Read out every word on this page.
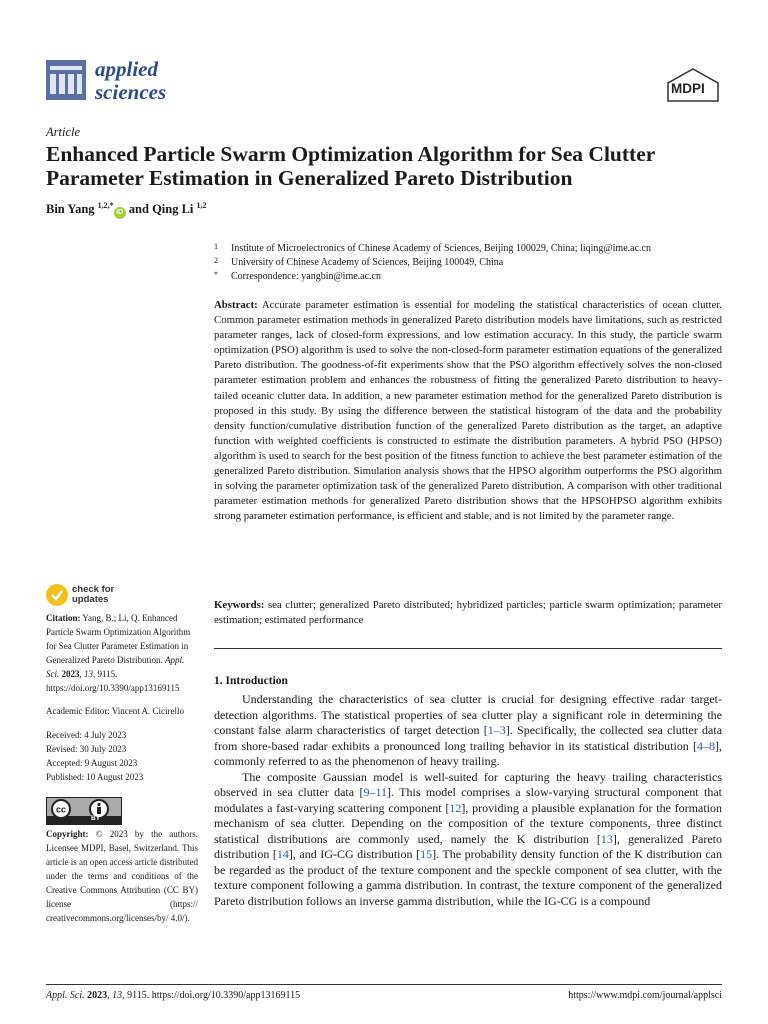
applied
sciences	MDPI
Article
Enhanced Particle Swarm Optimization Algorithm for Sea Clutter Parameter Estimation in Generalized Pareto Distribution
Bin Yang $^{1,2,*}$iD and Qing Li $^{1,2}$
1 Institute of Microelectronics of Chinese Academy of Sciences, Beijing 100029, China; liqing@ime.ac.cn
2 University of Chinese Academy of Sciences, Beijing 100049, China
* Correspondence: yangbin@ime.ac.cn
Abstract: Accurate parameter estimation is essential for modeling the statistical characteristics of ocean clutter. Common parameter estimation methods in generalized Pareto distribution models have limitations, such as restricted parameter ranges, lack of closed-form expressions, and low estimation accuracy. In this study, the particle swarm optimization (PSO) algorithm is used to solve the non-closed-form parameter estimation equations of the generalized Pareto distribution. The goodness-of-fit experiments show that the PSO algorithm effectively solves the non-closed parameter estimation problem and enhances the robustness of fitting the generalized Pareto distribution to heavy-tailed oceanic clutter data. In addition, a new parameter estimation method for the generalized Pareto distribution is proposed in this study. By using the difference between the statistical histogram of the data and the probability density function/cumulative distribution function of the generalized Pareto distribution as the target, an adaptive function with weighted coefficients is constructed to estimate the distribution parameters. A hybrid PSO (HPSO) algorithm is used to search for the best position of the fitness function to achieve the best parameter estimation of the generalized Pareto distribution. Simulation analysis shows that the HPSO algorithm outperforms the PSO algorithm in solving the parameter optimization task of the generalized Pareto distribution. A comparison with other traditional parameter estimation methods for generalized Pareto distribution shows that the HPSOHPSO algorithm exhibits strong parameter estimation performance, is efficient and stable, and is not limited by the parameter range.
Keywords: sea clutter; generalized Pareto distributed; hybridized particles; particle swarm optimization; parameter estimation; estimated performance
1. Introduction

Understanding the characteristics of sea clutter is crucial for designing effective radar target-detection algorithms. The statistical properties of sea clutter play a significant role in determining the constant false alarm characteristics of target detection [1–3]. Specifically, the collected sea clutter data from shore-based radar exhibits a pronounced long trailing behavior in its statistical distribution [4–8], commonly referred to as the phenomenon of heavy trailing.

The composite Gaussian model is well-suited for capturing the heavy trailing characteristics observed in sea clutter data [9–11]. This model comprises a slow-varying structural component that modulates a fast-varying scattering component [12], providing a plausible explanation for the formation mechanism of sea clutter. Depending on the composition of the texture components, three distinct statistical distributions are commonly used, namely the K distribution [13], generalized Pareto distribution [14], and IG-CG distribution [15]. The probability density function of the K distribution can be regarded as the product of the texture component and the speckle component of sea clutter, with the texture component following a gamma distribution. In contrast, the texture component of the generalized Pareto distribution follows an inverse gamma distribution, while the IG-CG is a compound

check for
updates
Citation: Yang, B.; Li, Q. Enhanced Particle Swarm Optimization Algorithm for Sea Clutter Parameter Estimation in Generalized Pareto Distribution. Appl. Sci. 2023, 13, 9115. https://doi.org/10.3390/app13169115
Academic Editor: Vincent A. Cicirello
Received: 4 July 2023
Revised: 30 July 2023
Accepted: 9 August 2023
Published: 10 August 2023
cc
BY
Copyright: © 2023 by the authors. Licensee MDPI, Basel, Switzerland. This article is an open access article distributed under the terms and conditions of the Creative Commons Attribution (CC BY) license (https:// creativecommons.org/licenses/by/ 4.0/).
Appl. Sci. 2023, 13, 9115. https://doi.org/10.3390/app13169115	https://www.mdpi.com/journal/applsci
